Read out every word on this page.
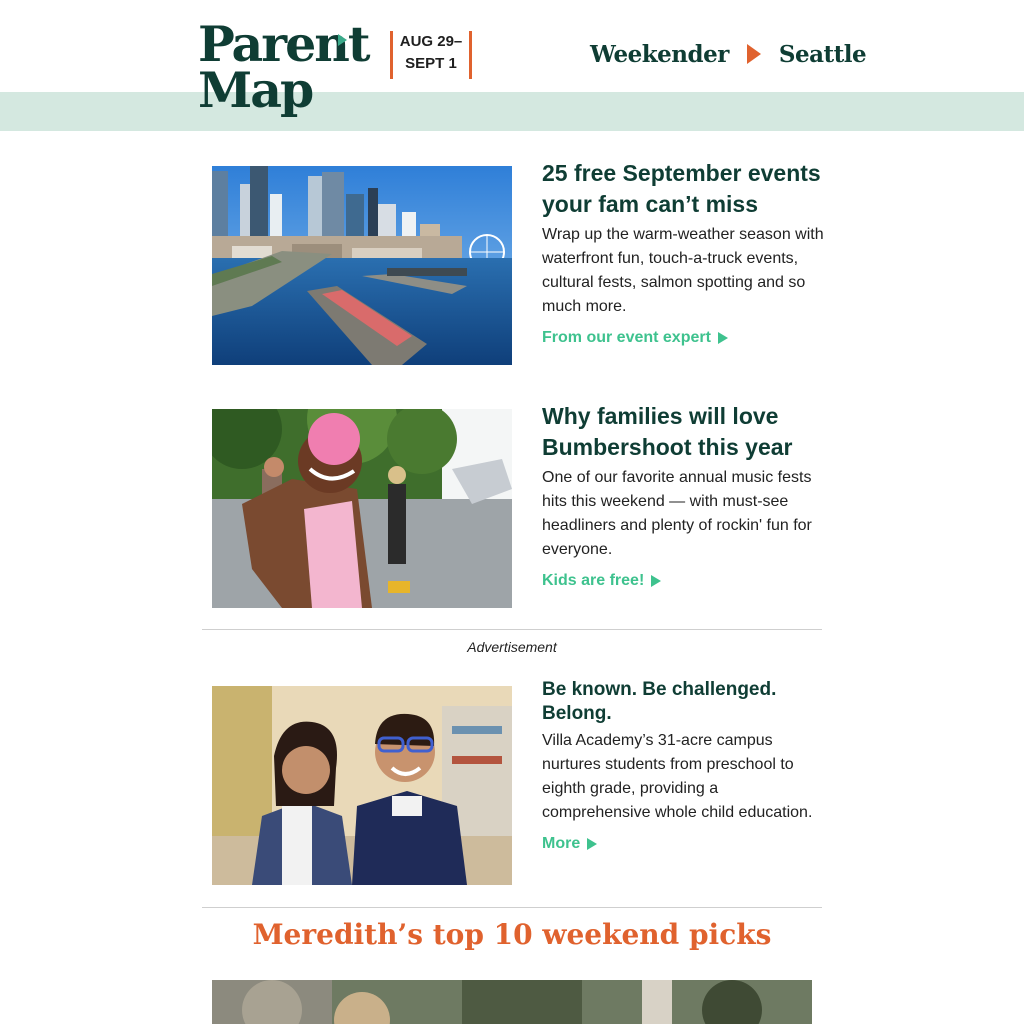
Parent
Map
AUG 29–
SEPT 1	Weekender Seattle
25 free September events your fam can’t miss

Wrap up the warm-weather season with waterfront fun, touch-a-truck events, cultural fests, salmon spotting and so much more.

From our event expert
Why families will love Bumbershoot this year

One of our favorite annual music fests hits this weekend — with must-see headliners and plenty of rockin' fun for everyone.

Kids are free!
Advertisement
Be known. Be challenged. Belong.

Villa Academy’s 31-acre campus nurtures students from preschool to eighth grade, providing a comprehensive whole child education.

More
Meredith’s top 10 weekend picks
